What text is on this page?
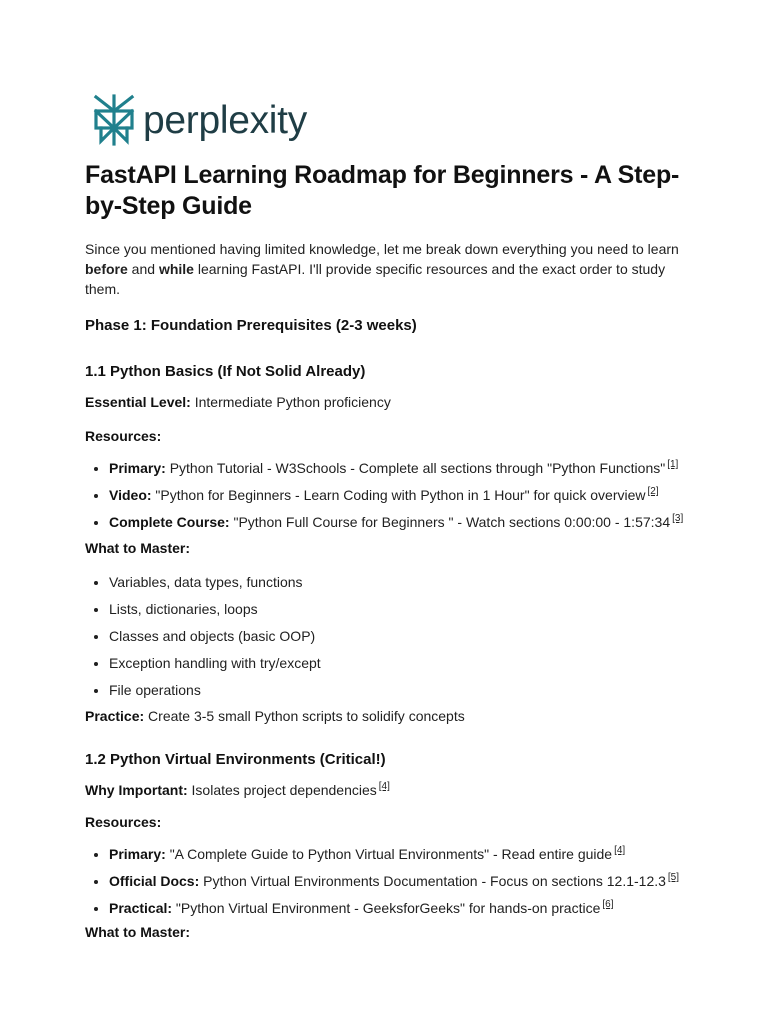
perplexity
FastAPI Learning Roadmap for Beginners - A Step-by-Step Guide

Since you mentioned having limited knowledge, let me break down everything you need to learn before and while learning FastAPI. I'll provide specific resources and the exact order to study them.

Phase 1: Foundation Prerequisites (2-3 weeks)
1.1 Python Basics (If Not Solid Already)

Essential Level: Intermediate Python proficiency

Resources:

• Primary: Python Tutorial - W3Schools - Complete all sections through "Python Functions" [1]
• Video: "Python for Beginners - Learn Coding with Python in 1 Hour" for quick overview [2]
• Complete Course: "Python Full Course for Beginners " - Watch sections 0:00:00 - 1:57:34 [3]

What to Master:

• Variables, data types, functions
• Lists, dictionaries, loops
• Classes and objects (basic OOP)
• Exception handling with try/except
• File operations

Practice: Create 3-5 small Python scripts to solidify concepts

1.2 Python Virtual Environments (Critical!)

Why Important: Isolates project dependencies [4]

Resources:

• Primary: "A Complete Guide to Python Virtual Environments" - Read entire guide [4]
• Official Docs: Python Virtual Environments Documentation - Focus on sections 12.1-12.3 [5]
• Practical: "Python Virtual Environment - GeeksforGeeks" for hands-on practice [6]

What to Master:
